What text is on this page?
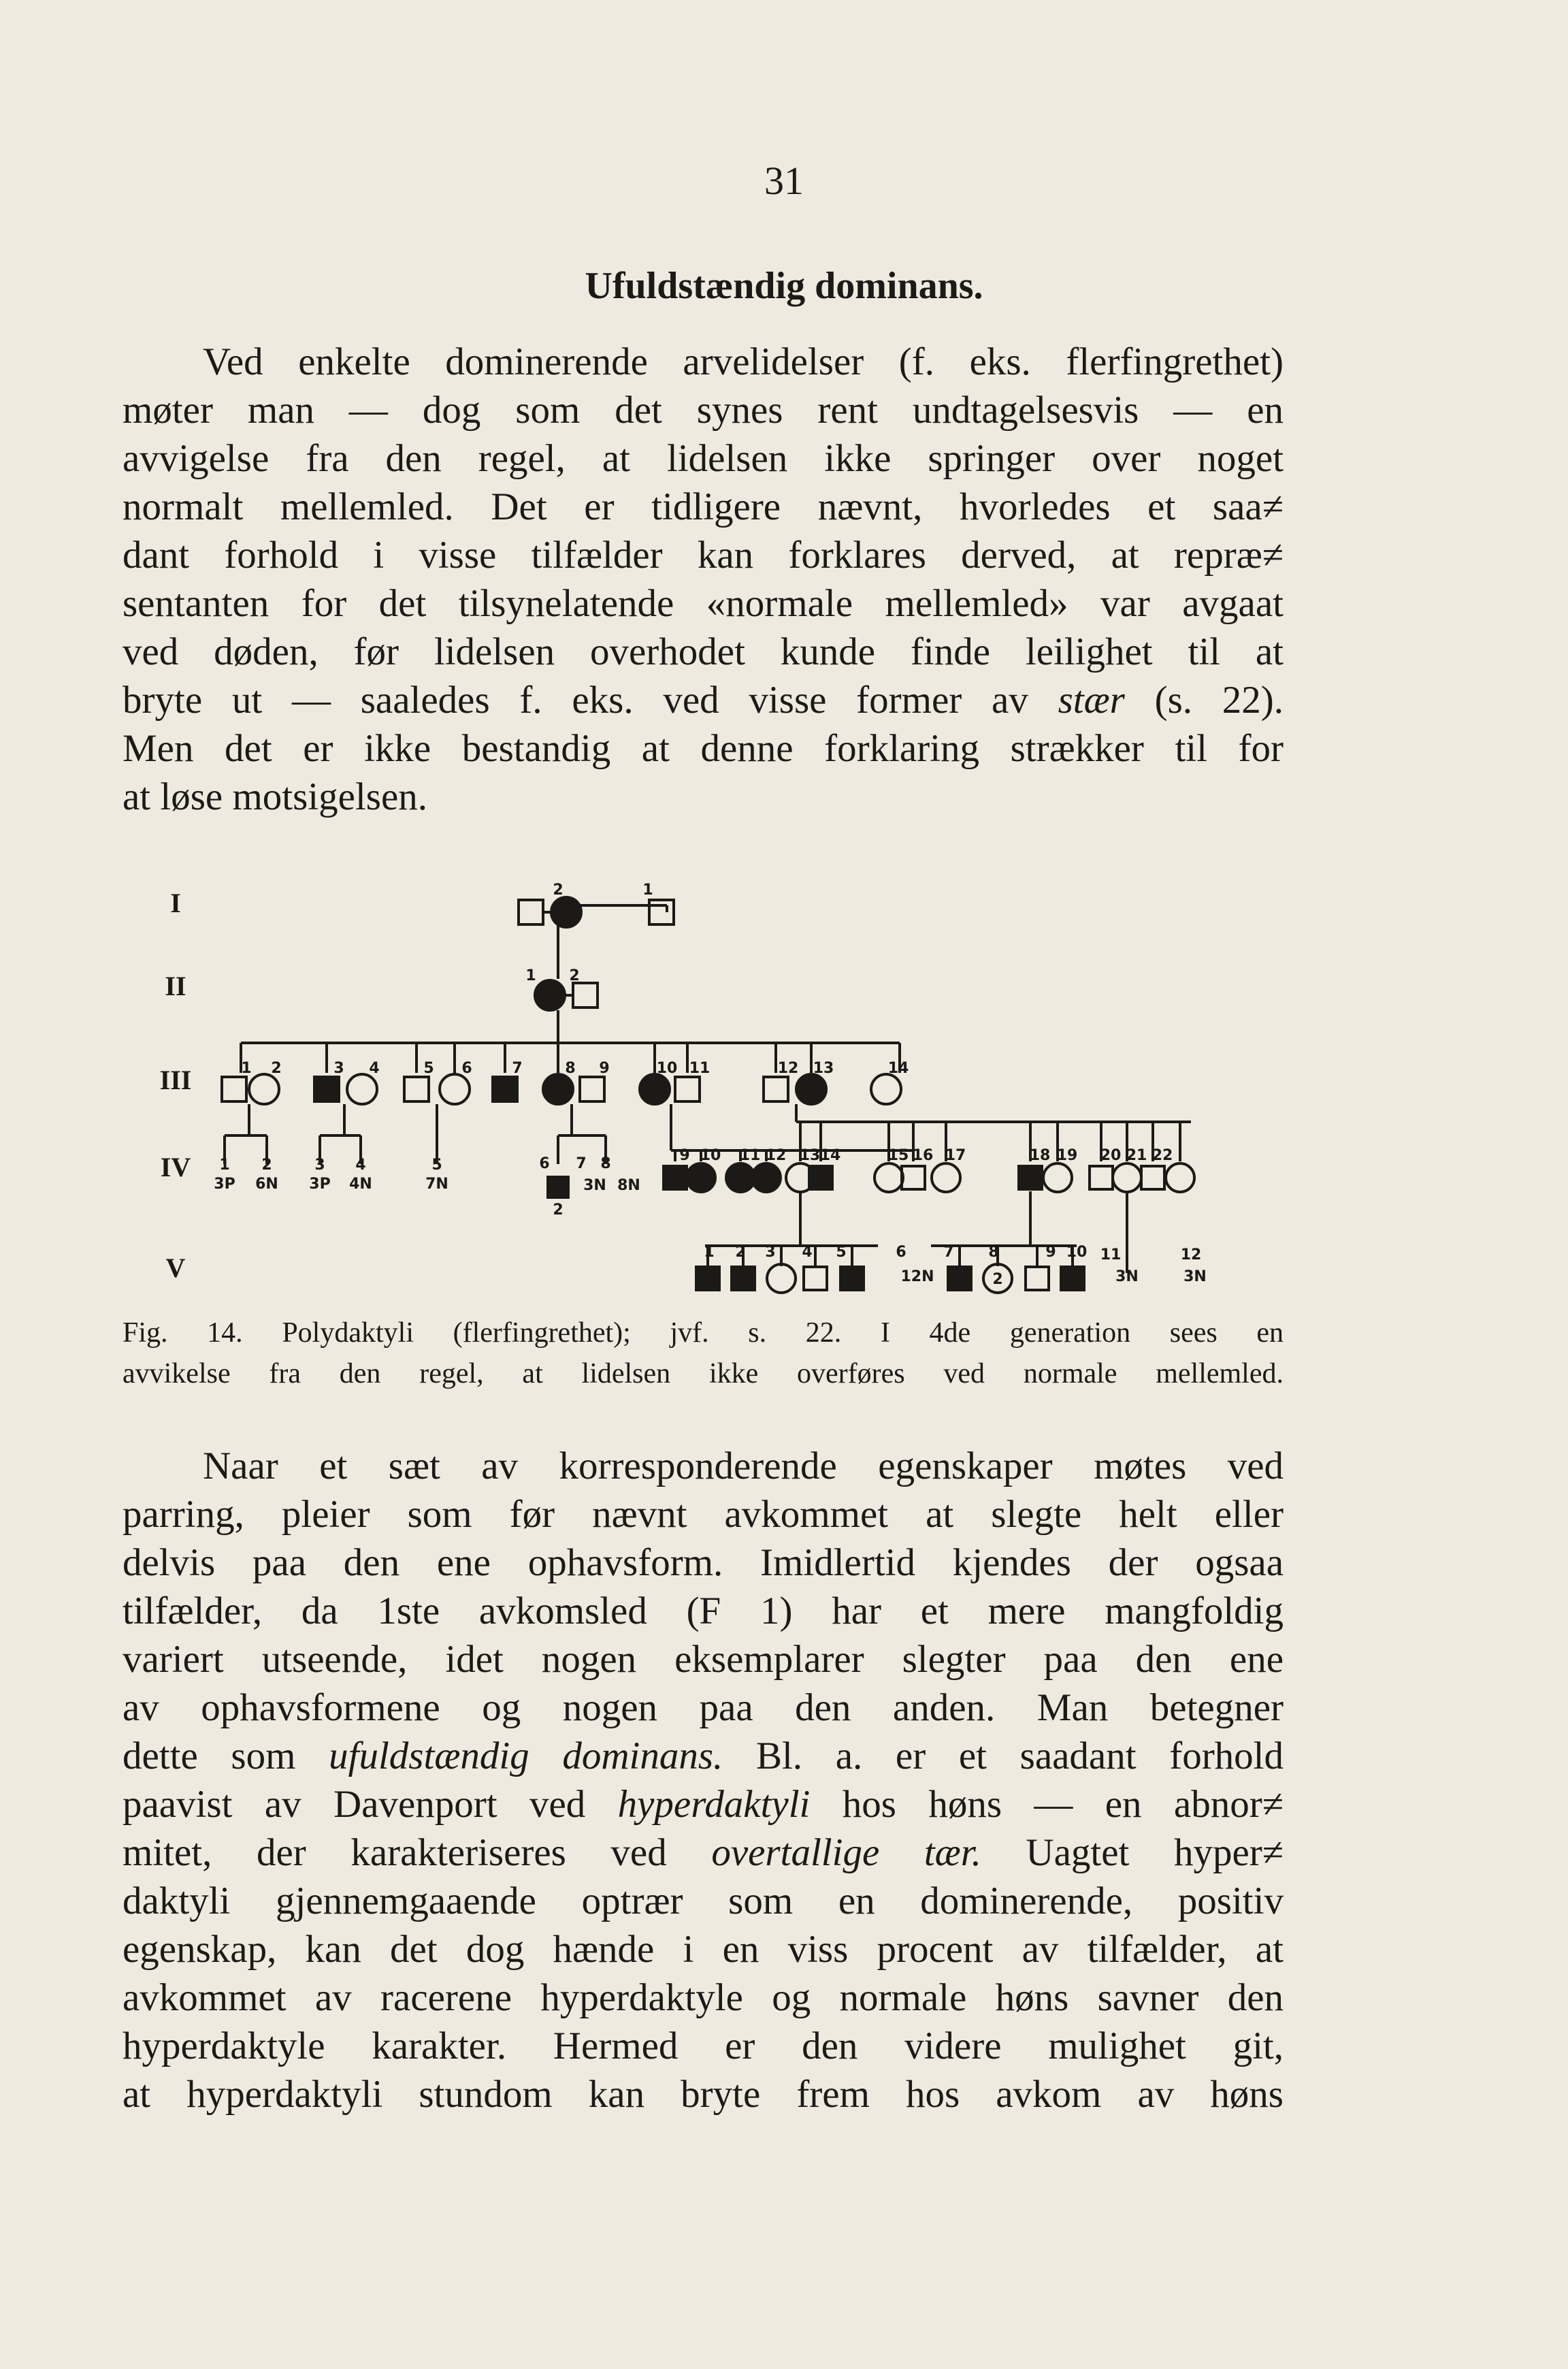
31
Ufuldstændig dominans.
Ved enkelte dominerende arvelidelser (f. eks. flerfingrethet)
møter man — dog som det synes rent undtagelsesvis — en
avvigelse fra den regel, at lidelsen ikke springer over noget
normalt mellemled. Det er tidligere nævnt, hvorledes et saa≠
dant forhold i visse tilfælder kan forklares derved, at repræ≠
sentanten for det tilsynelatende «normale mellemled» var avgaat
ved døden, før lidelsen overhodet kunde finde leilighet til at
bryte ut — saaledes f. eks. ved visse former av stær (s. 22).
Men det er ikke bestandig at denne forklaring strækker til for
at løse motsigelsen.
I
II
III
IV
V
2	1
1 2
1 2	3 4	5 6	7	8 9	10 11	12 13	14
1
3P
2
6N
3
3P
4
4N
5
7N
6 7 8
3N 8N
2
9 10 11 12 13 14	15 16 17	18 19 20 21 22
1 2 3 4 5	6 7 8	9 10
12N	2
11
3N
12
3N
Fig. 14. Polydaktyli (flerfingrethet); jvf. s. 22. I 4de generation sees en
avvikelse fra den regel, at lidelsen ikke overføres ved normale mellemled.
Naar et sæt av korresponderende egenskaper møtes ved
parring, pleier som før nævnt avkommet at slegte helt eller
delvis paa den ene ophavsform. Imidlertid kjendes der ogsaa
tilfælder, da 1ste avkomsled (F 1) har et mere mangfoldig
variert utseende, idet nogen eksemplarer slegter paa den ene
av ophavsformene og nogen paa den anden. Man betegner
dette som ufuldstændig dominans. Bl. a. er et saadant forhold
paavist av Davenport ved hyperdaktyli hos høns — en abnor≠
mitet, der karakteriseres ved overtallige tær. Uagtet hyper≠
daktyli gjennemgaaende optrær som en dominerende, positiv
egenskap, kan det dog hænde i en viss procent av tilfælder, at
avkommet av racerene hyperdaktyle og normale høns savner den
hyperdaktyle karakter. Hermed er den videre mulighet git,
at hyperdaktyli stundom kan bryte frem hos avkom av høns
